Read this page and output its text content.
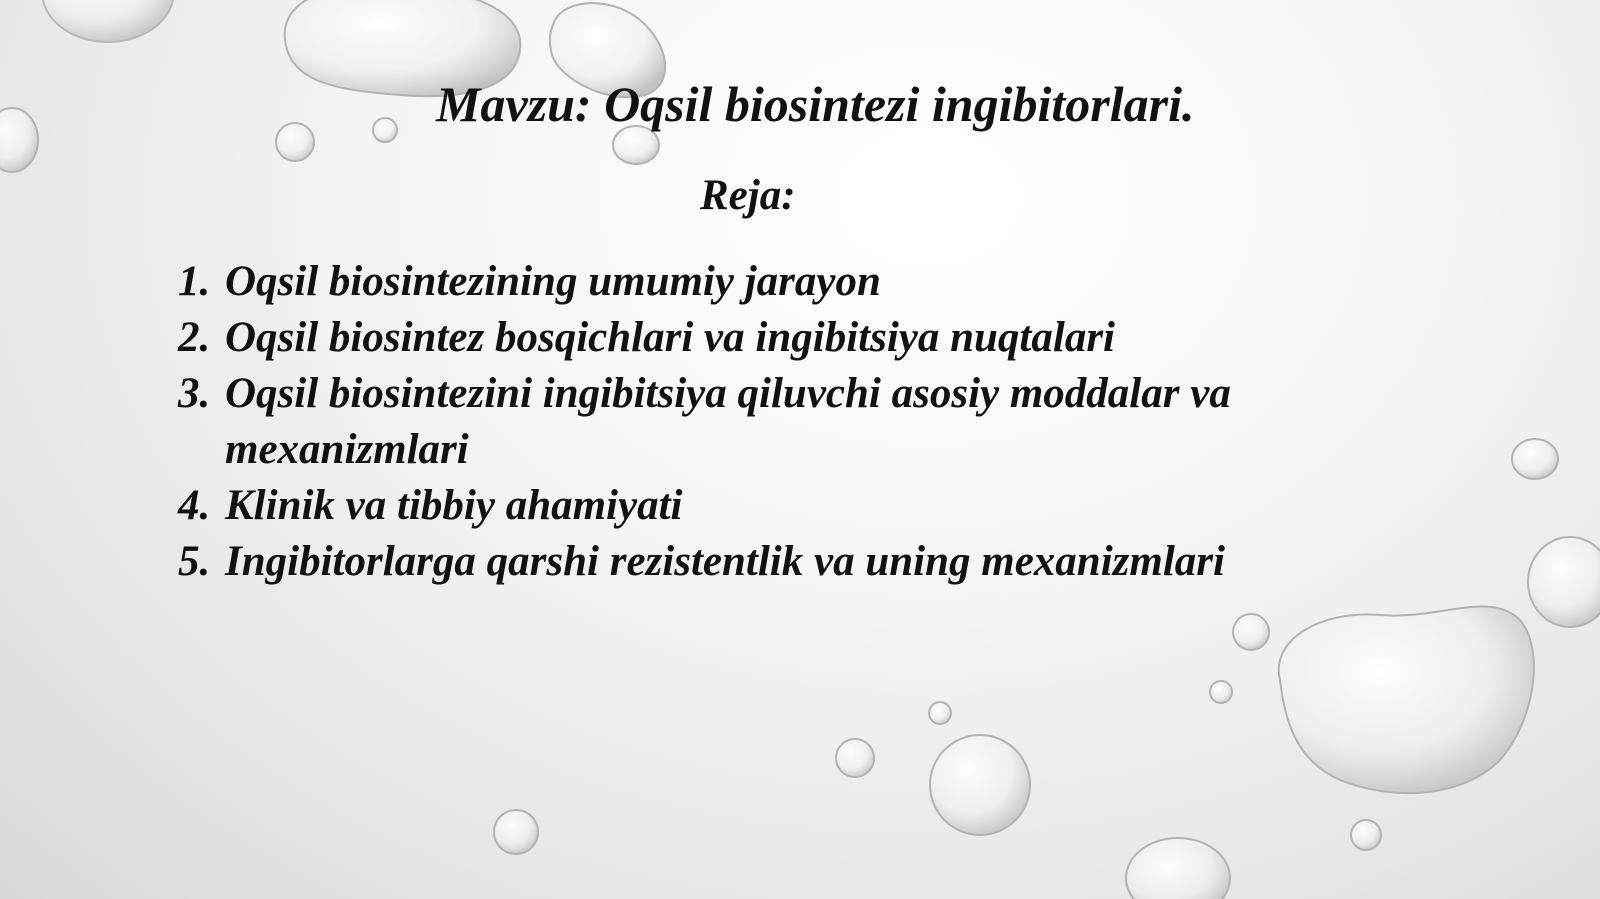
Mavzu: Oqsil biosintezi ingibitorlari.
Reja:
1. Oqsil biosintezining umumiy jarayon
2. Oqsil biosintez bosqichlari va ingibitsiya nuqtalari
3. Oqsil biosintezini ingibitsiya qiluvchi asosiy moddalar va mexanizmlari
4. Klinik va tibbiy ahamiyati
5. Ingibitorlarga qarshi rezistentlik va uning mexanizmlari
